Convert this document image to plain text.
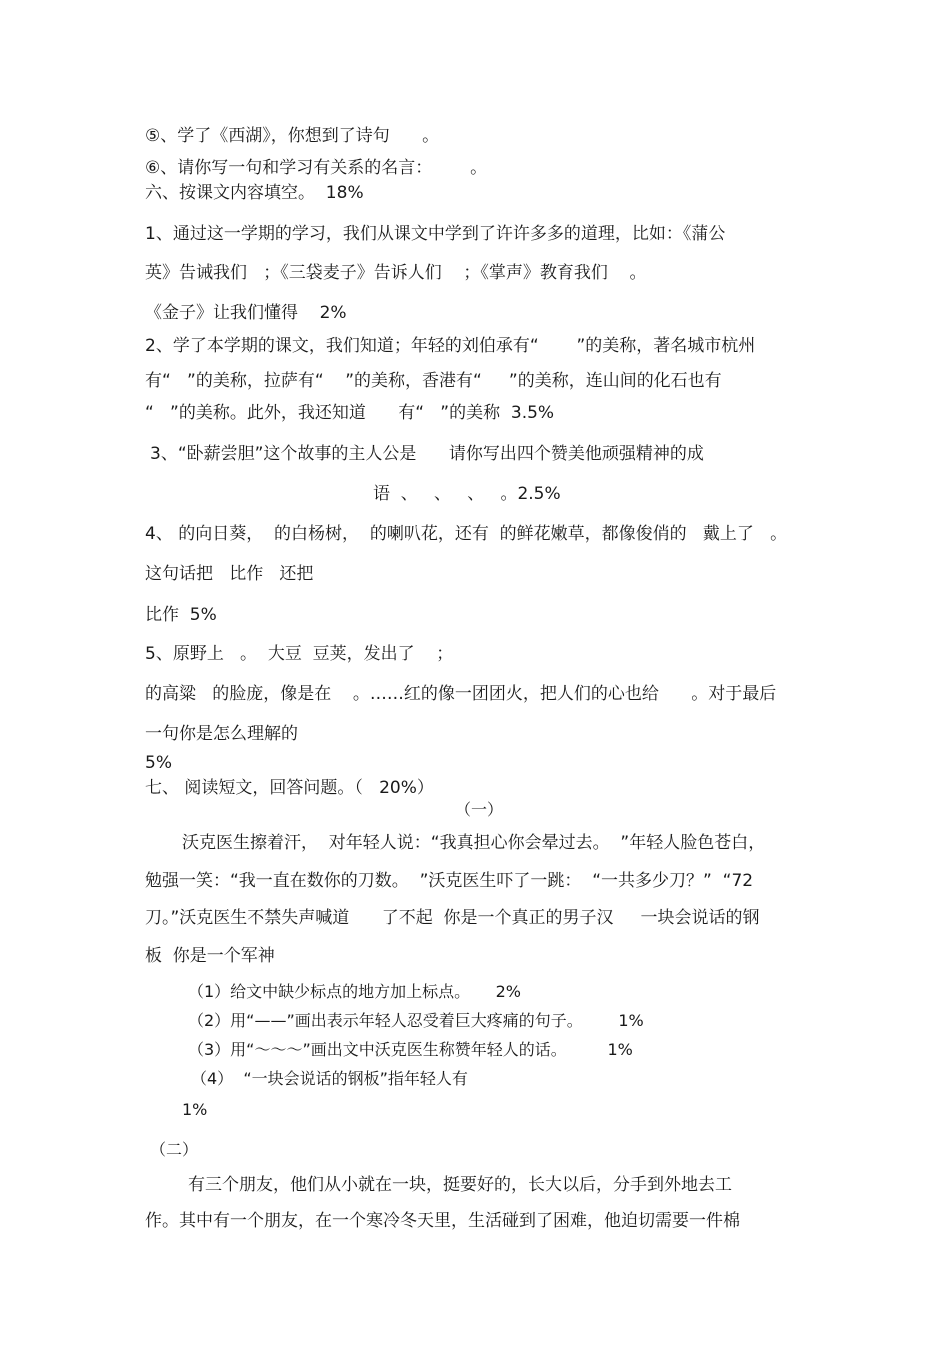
⑤、学了《西湖》，你想到了诗句      。
⑥、请你写一句和学习有关系的名言：       。
六、按课文内容填空。  18%
1、通过这一学期的学习，我们从课文中学到了许许多多的道理，比如：《蒲公
英》告诫我们   ；《三袋麦子》告诉人们    ；《掌声》教育我们    。
《金子》让我们懂得    2%
2、学了本学期的课文，我们知道；年轻的刘伯承有“       ”的美称，著名城市杭州
有“   ”的美称，拉萨有“    ”的美称，香港有“     ”的美称，连山间的化石也有
“   ”的美称。此外，我还知道      有“   ”的美称  3.5%
3、“卧薪尝胆”这个故事的主人公是      请你写出四个赞美他顽强精神的成
语  、   、   、   。2.5%
4、 的向日葵，  的白杨树，  的喇叭花，还有  的鲜花嫩草，都像俊俏的   戴上了   。
这句话把   比作   还把
比作  5%
5、原野上   。  大豆  豆荚，发出了    ；
的高粱   的脸庞，像是在    。……红的像一团团火，把人们的心也给      。对于最后
一句你是怎么理解的
5%
七、 阅读短文，回答问题。（   20%）
（一）
沃克医生擦着汗，  对年轻人说：“我真担心你会晕过去。  ”年轻人脸色苍白，
勉强一笑：“我一直在数你的刀数。  ”沃克医生吓了一跳：  “一共多少刀？”  “72
刀。”沃克医生不禁失声喊道      了不起  你是一个真正的男子汉     一块会说话的钢
板  你是一个军神
（1）给文中缺少标点的地方加上标点。     2%
（2）用“——”画出表示年轻人忍受着巨大疼痛的句子。       1%
（3）用“～～～”画出文中沃克医生称赞年轻人的话。        1%
（4）  “一块会说话的钢板”指年轻人有
1%
（二）
有三个朋友，他们从小就在一块，挺要好的，长大以后，分手到外地去工
作。其中有一个朋友，在一个寒冷冬天里，生活碰到了困难，他迫切需要一件棉
